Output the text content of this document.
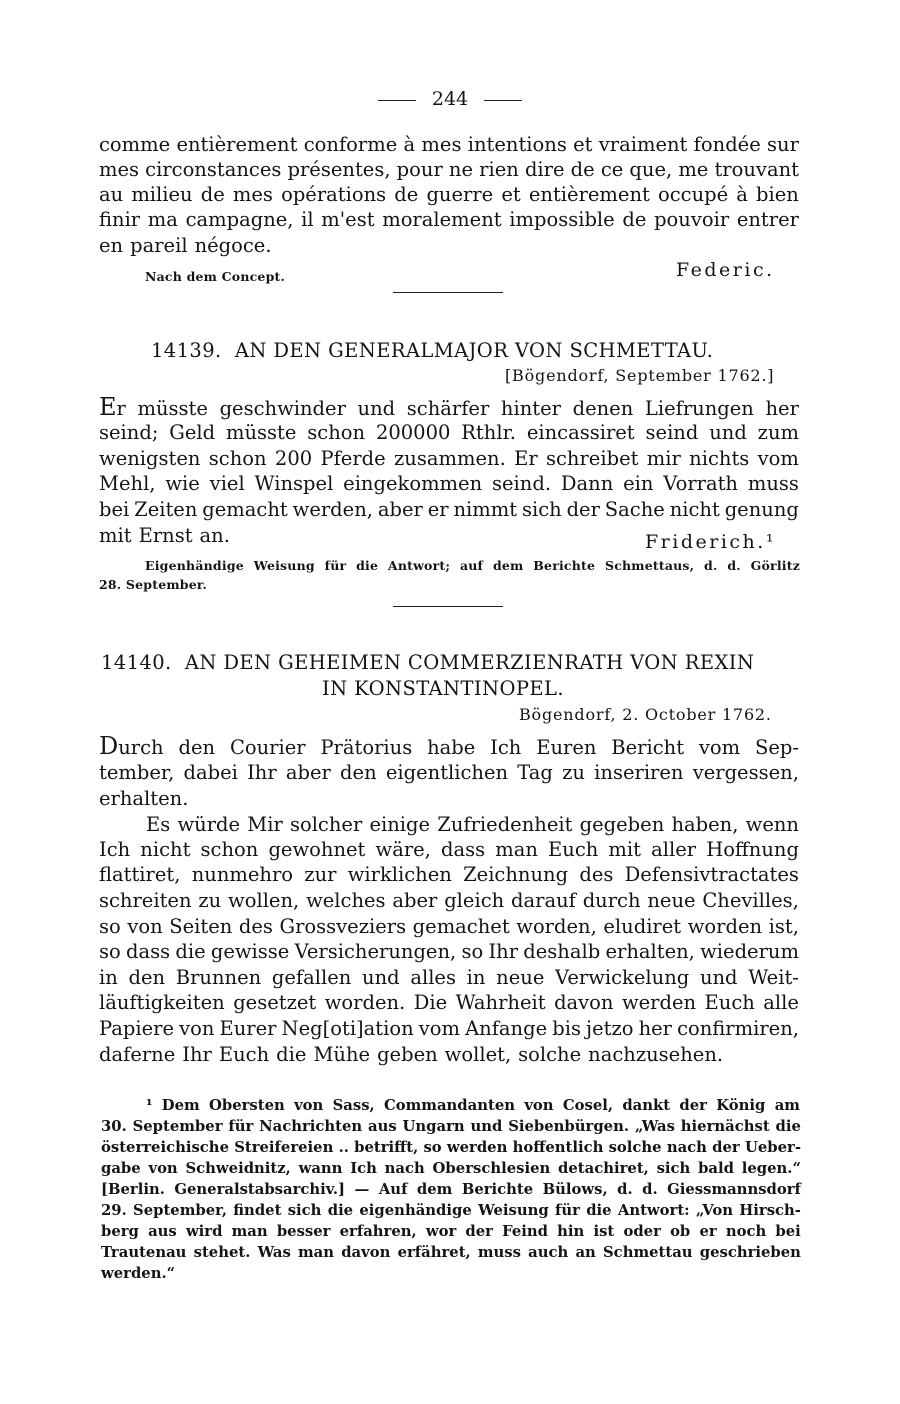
244
comme entièrement conforme à mes intentions et vraiment fondée sur
mes circonstances présentes, pour ne rien dire de ce que, me trouvant
au milieu de mes opérations de guerre et entièrement occupé à bien
finir ma campagne, il m'est moralement impossible de pouvoir entrer
en pareil négoce.
Nach dem Concept.	Federic.
14139. AN DEN GENERALMAJOR VON SCHMETTAU.
[Bögendorf, September 1762.]
Er müsste geschwinder und schärfer hinter denen Liefrungen her
seind; Geld müsste schon 200000 Rthlr. eincassiret seind und zum
wenigsten schon 200 Pferde zusammen. Er schreibet mir nichts vom
Mehl, wie viel Winspel eingekommen seind. Dann ein Vorrath muss
bei Zeiten gemacht werden, aber er nimmt sich der Sache nicht genung
mit Ernst an.	Friderich.¹
Eigenhändige Weisung für die Antwort; auf dem Berichte Schmettaus, d. d. Görlitz
28. September.
14140. AN DEN GEHEIMEN COMMERZIENRATH VON REXIN
IN KONSTANTINOPEL.
Bögendorf, 2. October 1762.
Durch den Courier Prätorius habe Ich Euren Bericht vom Sep-
tember, dabei Ihr aber den eigentlichen Tag zu inseriren vergessen,
erhalten.
Es würde Mir solcher einige Zufriedenheit gegeben haben, wenn
Ich nicht schon gewohnet wäre, dass man Euch mit aller Hoffnung
flattiret, nunmehro zur wirklichen Zeichnung des Defensivtractates
schreiten zu wollen, welches aber gleich darauf durch neue Chevilles,
so von Seiten des Grossveziers gemachet worden, eludiret worden ist,
so dass die gewisse Versicherungen, so Ihr deshalb erhalten, wiederum
in den Brunnen gefallen und alles in neue Verwickelung und Weit-
läuftigkeiten gesetzet worden. Die Wahrheit davon werden Euch alle
Papiere von Eurer Neg[oti]ation vom Anfange bis jetzo her confirmiren,
daferne Ihr Euch die Mühe geben wollet, solche nachzusehen.
¹ Dem Obersten von Sass, Commandanten von Cosel, dankt der König am
30. September für Nachrichten aus Ungarn und Siebenbürgen. „Was hiernächst die
österreichische Streifereien .. betrifft, so werden hoffentlich solche nach der Ueber-
gabe von Schweidnitz, wann Ich nach Oberschlesien detachiret, sich bald legen.“
[Berlin. Generalstabsarchiv.] — Auf dem Berichte Bülows, d. d. Giessmannsdorf
29. September, findet sich die eigenhändige Weisung für die Antwort: „Von Hirsch-
berg aus wird man besser erfahren, wor der Feind hin ist oder ob er noch bei
Trautenau stehet. Was man davon erfähret, muss auch an Schmettau geschrieben
werden.“
